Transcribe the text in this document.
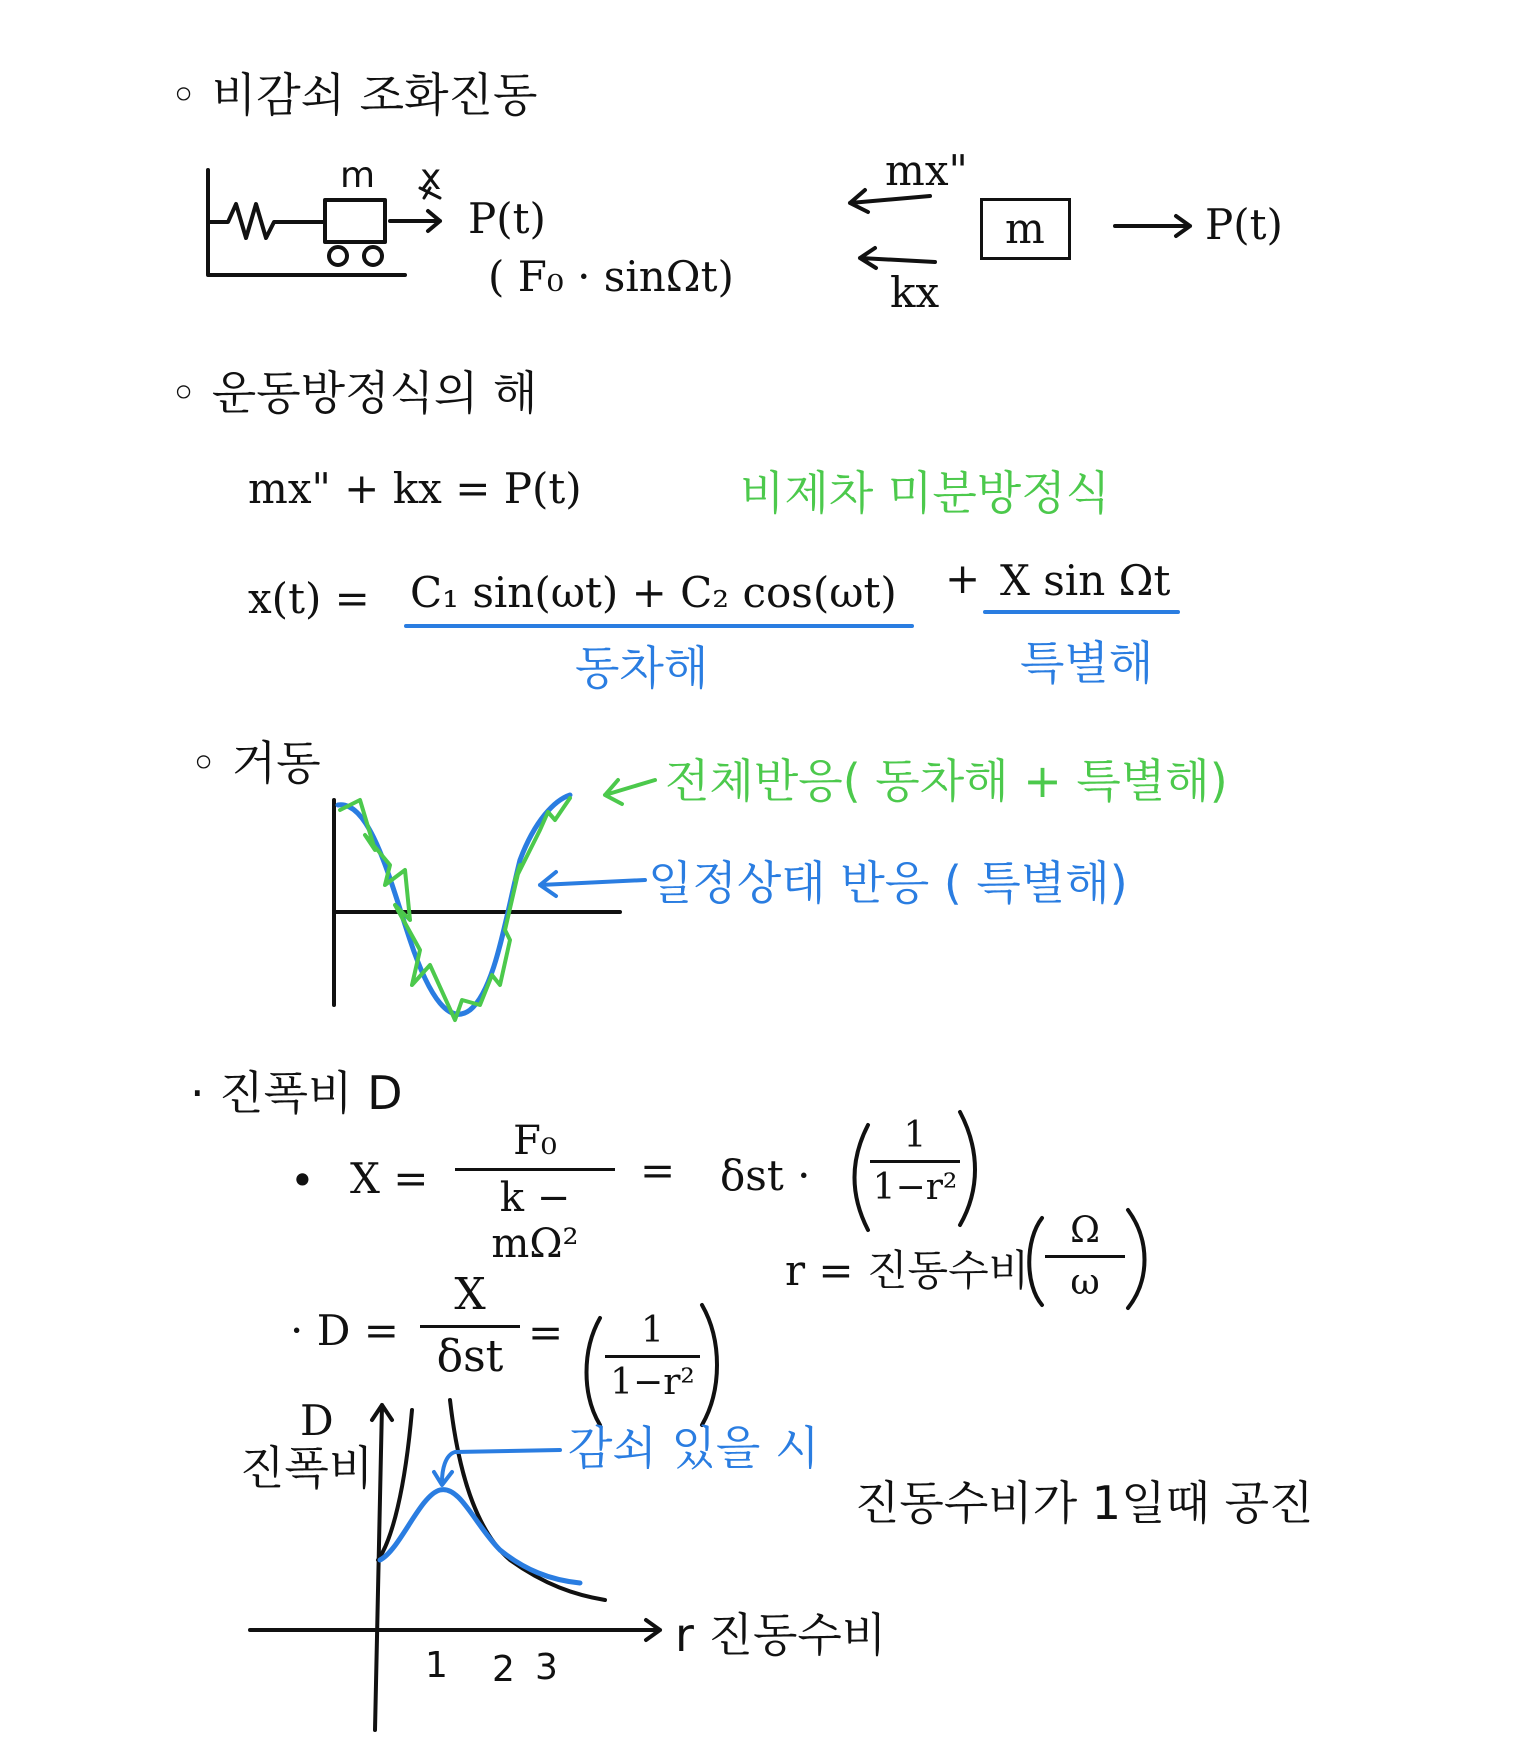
◦ 비감쇠 조화진동
m x
P(t)
( F₀ · sinΩt)
mx"
kx
m	P(t)
◦ 운동방정식의 해
mx" + kx = P(t)	비제차 미분방정식
x(t) = C₁ sin(ωt) + C₂ cos(ωt) + X sin Ωt
동차해	특별해
◦ 거동	전체반응( 동차해 + 특별해)
일정상태 반응 ( 특별해)
· 진폭비 D
• X =
F₀
k − mΩ²
= δst ·
1
1−r²
r = 진동수비
Ω
ω
· D =
X
δst =	1
1−r²
D
진폭비	감쇠 있을 시
r 진동수비
1 2 3
진동수비가 1일때 공진
